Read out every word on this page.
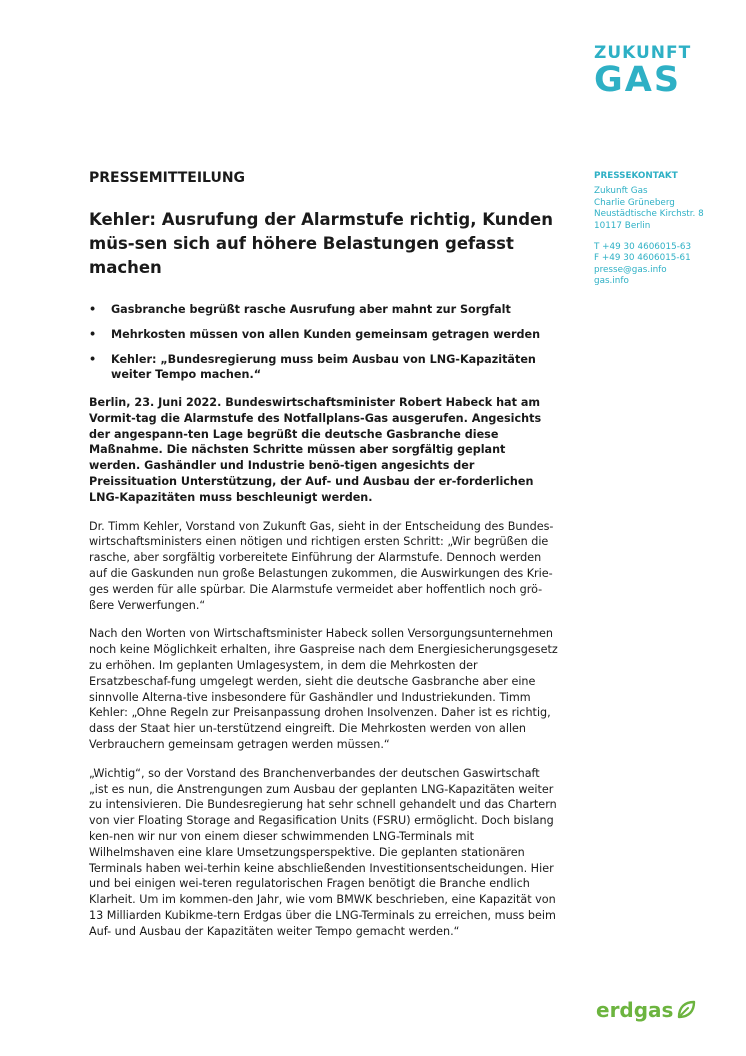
ZUKUNFT
GAS
PRESSEMITTEILUNG
Kehler: Ausrufung der Alarmstufe richtig, Kunden müs-sen sich auf höhere Belastungen gefasst machen
• Gasbranche begrüßt rasche Ausrufung aber mahnt zur Sorgfalt
• Mehrkosten müssen von allen Kunden gemeinsam getragen werden
• Kehler: „Bundesregierung muss beim Ausbau von LNG-Kapazitäten weiter Tempo machen.“

Berlin, 23. Juni 2022. Bundeswirtschaftsminister Robert Habeck hat am Vormit-tag die Alarmstufe des Notfallplans-Gas ausgerufen. Angesichts der angespann-ten Lage begrüßt die deutsche Gasbranche diese Maßnahme. Die nächsten Schritte müssen aber sorgfältig geplant werden. Gashändler und Industrie benö-tigen angesichts der Preissituation Unterstützung, der Auf- und Ausbau der er-forderlichen LNG-Kapazitäten muss beschleunigt werden.

Dr. Timm Kehler, Vorstand von Zukunft Gas, sieht in der Entscheidung des Bundes-wirtschaftsministers einen nötigen und richtigen ersten Schritt: „Wir begrüßen die rasche, aber sorgfältig vorbereitete Einführung der Alarmstufe. Dennoch werden auf die Gaskunden nun große Belastungen zukommen, die Auswirkungen des Krie-ges werden für alle spürbar. Die Alarmstufe vermeidet aber hoffentlich noch grö-ßere Verwerfungen.“

Nach den Worten von Wirtschaftsminister Habeck sollen Versorgungsunternehmen noch keine Möglichkeit erhalten, ihre Gaspreise nach dem Energiesicherungsgesetz zu erhöhen. Im geplanten Umlagesystem, in dem die Mehrkosten der Ersatzbeschaf-fung umgelegt werden, sieht die deutsche Gasbranche aber eine sinnvolle Alterna-tive insbesondere für Gashändler und Industriekunden. Timm Kehler: „Ohne Regeln zur Preisanpassung drohen Insolvenzen. Daher ist es richtig, dass der Staat hier un-terstützend eingreift. Die Mehrkosten werden von allen Verbrauchern gemeinsam getragen werden müssen.“

„Wichtig“, so der Vorstand des Branchenverbandes der deutschen Gaswirtschaft „ist es nun, die Anstrengungen zum Ausbau der geplanten LNG-Kapazitäten weiter zu intensivieren. Die Bundesregierung hat sehr schnell gehandelt und das Chartern von vier Floating Storage and Regasification Units (FSRU) ermöglicht. Doch bislang ken-nen wir nur von einem dieser schwimmenden LNG-Terminals mit Wilhelmshaven eine klare Umsetzungsperspektive. Die geplanten stationären Terminals haben wei-terhin keine abschließenden Investitionsentscheidungen. Hier und bei einigen wei-teren regulatorischen Fragen benötigt die Branche endlich Klarheit. Um im kommen-den Jahr, wie vom BMWK beschrieben, eine Kapazität von 13 Milliarden Kubikme-tern Erdgas über die LNG-Terminals zu erreichen, muss beim Auf- und Ausbau der Kapazitäten weiter Tempo gemacht werden.“

PRESSEKONTAKT
Zukunft Gas
Charlie Grüneberg
Neustädtische Kirchstr. 8
10117 Berlin
T +49 30 4606015-63
F +49 30 4606015-61
presse@gas.info
gas.info
erdgas
